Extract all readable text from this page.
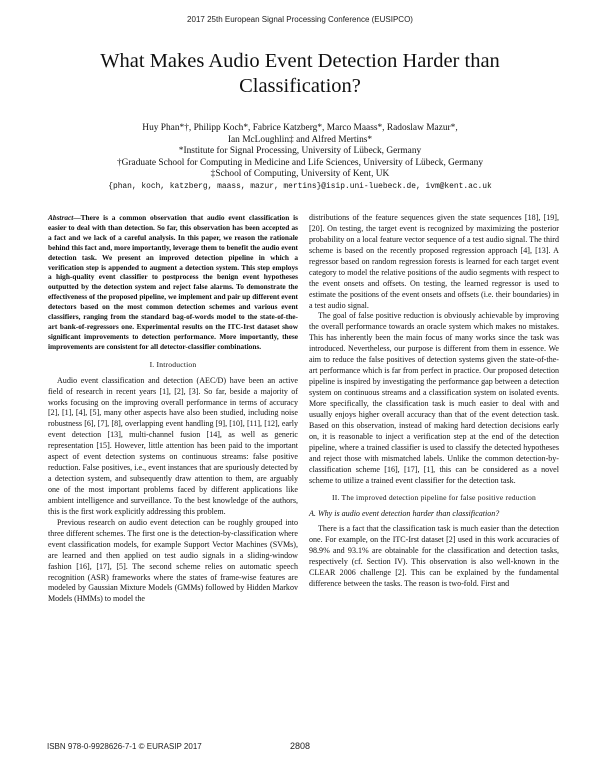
2017 25th European Signal Processing Conference (EUSIPCO)
What Makes Audio Event Detection Harder than
Classification?
Huy Phan*†, Philipp Koch*, Fabrice Katzberg*, Marco Maass*, Radoslaw Mazur*,
Ian McLoughlin‡ and Alfred Mertins*
*Institute for Signal Processing, University of Lübeck, Germany
†Graduate School for Computing in Medicine and Life Sciences, University of Lübeck, Germany
‡School of Computing, University of Kent, UK
{phan, koch, katzberg, maass, mazur, mertins}@isip.uni-luebeck.de, ivm@kent.ac.uk

Abstract—There is a common observation that audio event classification is easier to deal with than detection. So far, this observation has been accepted as a fact and we lack of a careful analysis. In this paper, we reason the rationale behind this fact and, more importantly, leverage them to benefit the audio event detection task. We present an improved detection pipeline in which a verification step is appended to augment a detection system. This step employs a high-quality event classifier to postprocess the benign event hypotheses outputted by the detection system and reject false alarms. To demonstrate the effectiveness of the proposed pipeline, we implement and pair up different event detectors based on the most common detection schemes and various event classifiers, ranging from the standard bag-of-words model to the state-of-the-art bank-of-regressors one. Experimental results on the ITC-Irst dataset show significant improvements to detection performance. More importantly, these improvements are consistent for all detector-classifier combinations.

I. Introduction

Audio event classification and detection (AEC/D) have been an active field of research in recent years [1], [2], [3]. So far, beside a majority of works focusing on the improving overall performance in terms of accuracy [2], [1], [4], [5], many other aspects have also been studied, including noise robustness [6], [7], [8], overlapping event handling [9], [10], [11], [12], early event detection [13], multi-channel fusion [14], as well as generic representation [15]. However, little attention has been paid to the important aspect of event detection systems on continuous streams: false positive reduction. False positives, i.e., event instances that are spuriously detected by a detection system, and subsequently draw attention to them, are arguably one of the most important problems faced by different applications like ambient intelligence and surveillance. To the best knowledge of the authors, this is the first work explicitly addressing this problem.

Previous research on audio event detection can be roughly grouped into three different schemes. The first one is the detection-by-classification where event classification models, for example Support Vector Machines (SVMs), are learned and then applied on test audio signals in a sliding-window fashion [16], [17], [5]. The second scheme relies on automatic speech recognition (ASR) frameworks where the states of frame-wise features are modeled by Gaussian Mixture Models (GMMs) followed by Hidden Markov Models (HMMs) to model the

distributions of the feature sequences given the state sequences [18], [19], [20]. On testing, the target event is recognized by maximizing the posterior probability on a local feature vector sequence of a test audio signal. The third scheme is based on the recently proposed regression approach [4], [13]. A regressor based on random regression forests is learned for each target event category to model the relative positions of the audio segments with respect to the event onsets and offsets. On testing, the learned regressor is used to estimate the positions of the event onsets and offsets (i.e. their boundaries) in a test audio signal.

The goal of false positive reduction is obviously achievable by improving the overall performance towards an oracle system which makes no mistakes. This has inherently been the main focus of many works since the task was introduced. Nevertheless, our purpose is different from them in essence. We aim to reduce the false positives of detection systems given the state-of-the-art performance which is far from perfect in practice. Our proposed detection pipeline is inspired by investigating the performance gap between a detection system on continuous streams and a classification system on isolated events. More specifically, the classification task is much easier to deal with and usually enjoys higher overall accuracy than that of the event detection task. Based on this observation, instead of making hard detection decisions early on, it is reasonable to inject a verification step at the end of the detection pipeline, where a trained classifier is used to classify the detected hypotheses and reject those with mismatched labels. Unlike the common detection-by-classification scheme [16], [17], [1], this can be considered as a novel scheme to utilize a trained event classifier for the detection task.

II. The improved detection pipeline for false positive reduction

A. Why is audio event detection harder than classification?

There is a fact that the classification task is much easier than the detection one. For example, on the ITC-Irst dataset [2] used in this work accuracies of 98.9% and 93.1% are obtainable for the classification and detection tasks, respectively (cf. Section IV). This observation is also well-known in the CLEAR 2006 challenge [2]. This can be explained by the fundamental difference between the tasks. The reason is two-fold. First and

ISBN 978-0-9928626-7-1 © EURASIP 2017	2808
